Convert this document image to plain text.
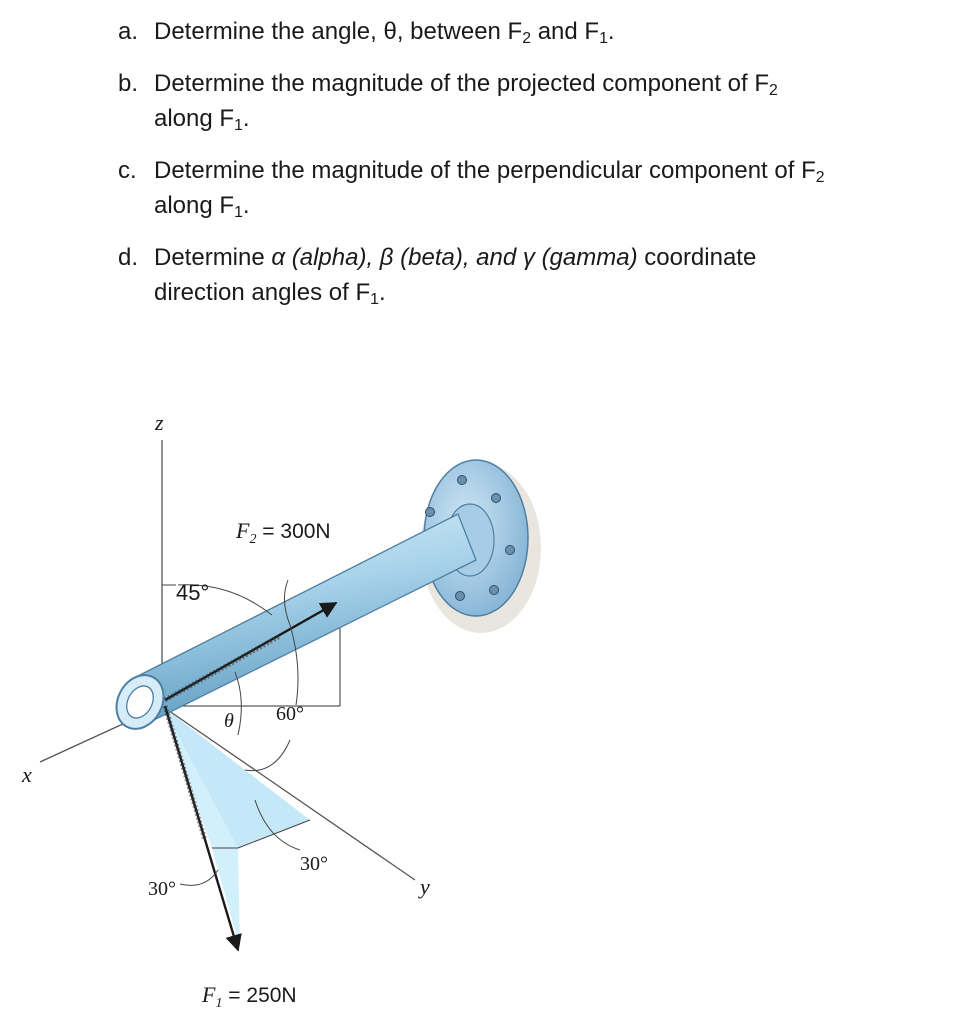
a. Determine the angle, θ, between $F_2$ and $F_1$.
b. Determine the magnitude of the projected component of $F_2$
along $F_1$.
c. Determine the magnitude of the perpendicular component of $F_2$
along $F_1$.
d. Determine α (alpha), β (beta), and γ (gamma) coordinate
direction angles of $F_1$.
z
x
y
$F_2 = 300N$
45°
60°
θ
30°
30°
$F_1 = 250N$
